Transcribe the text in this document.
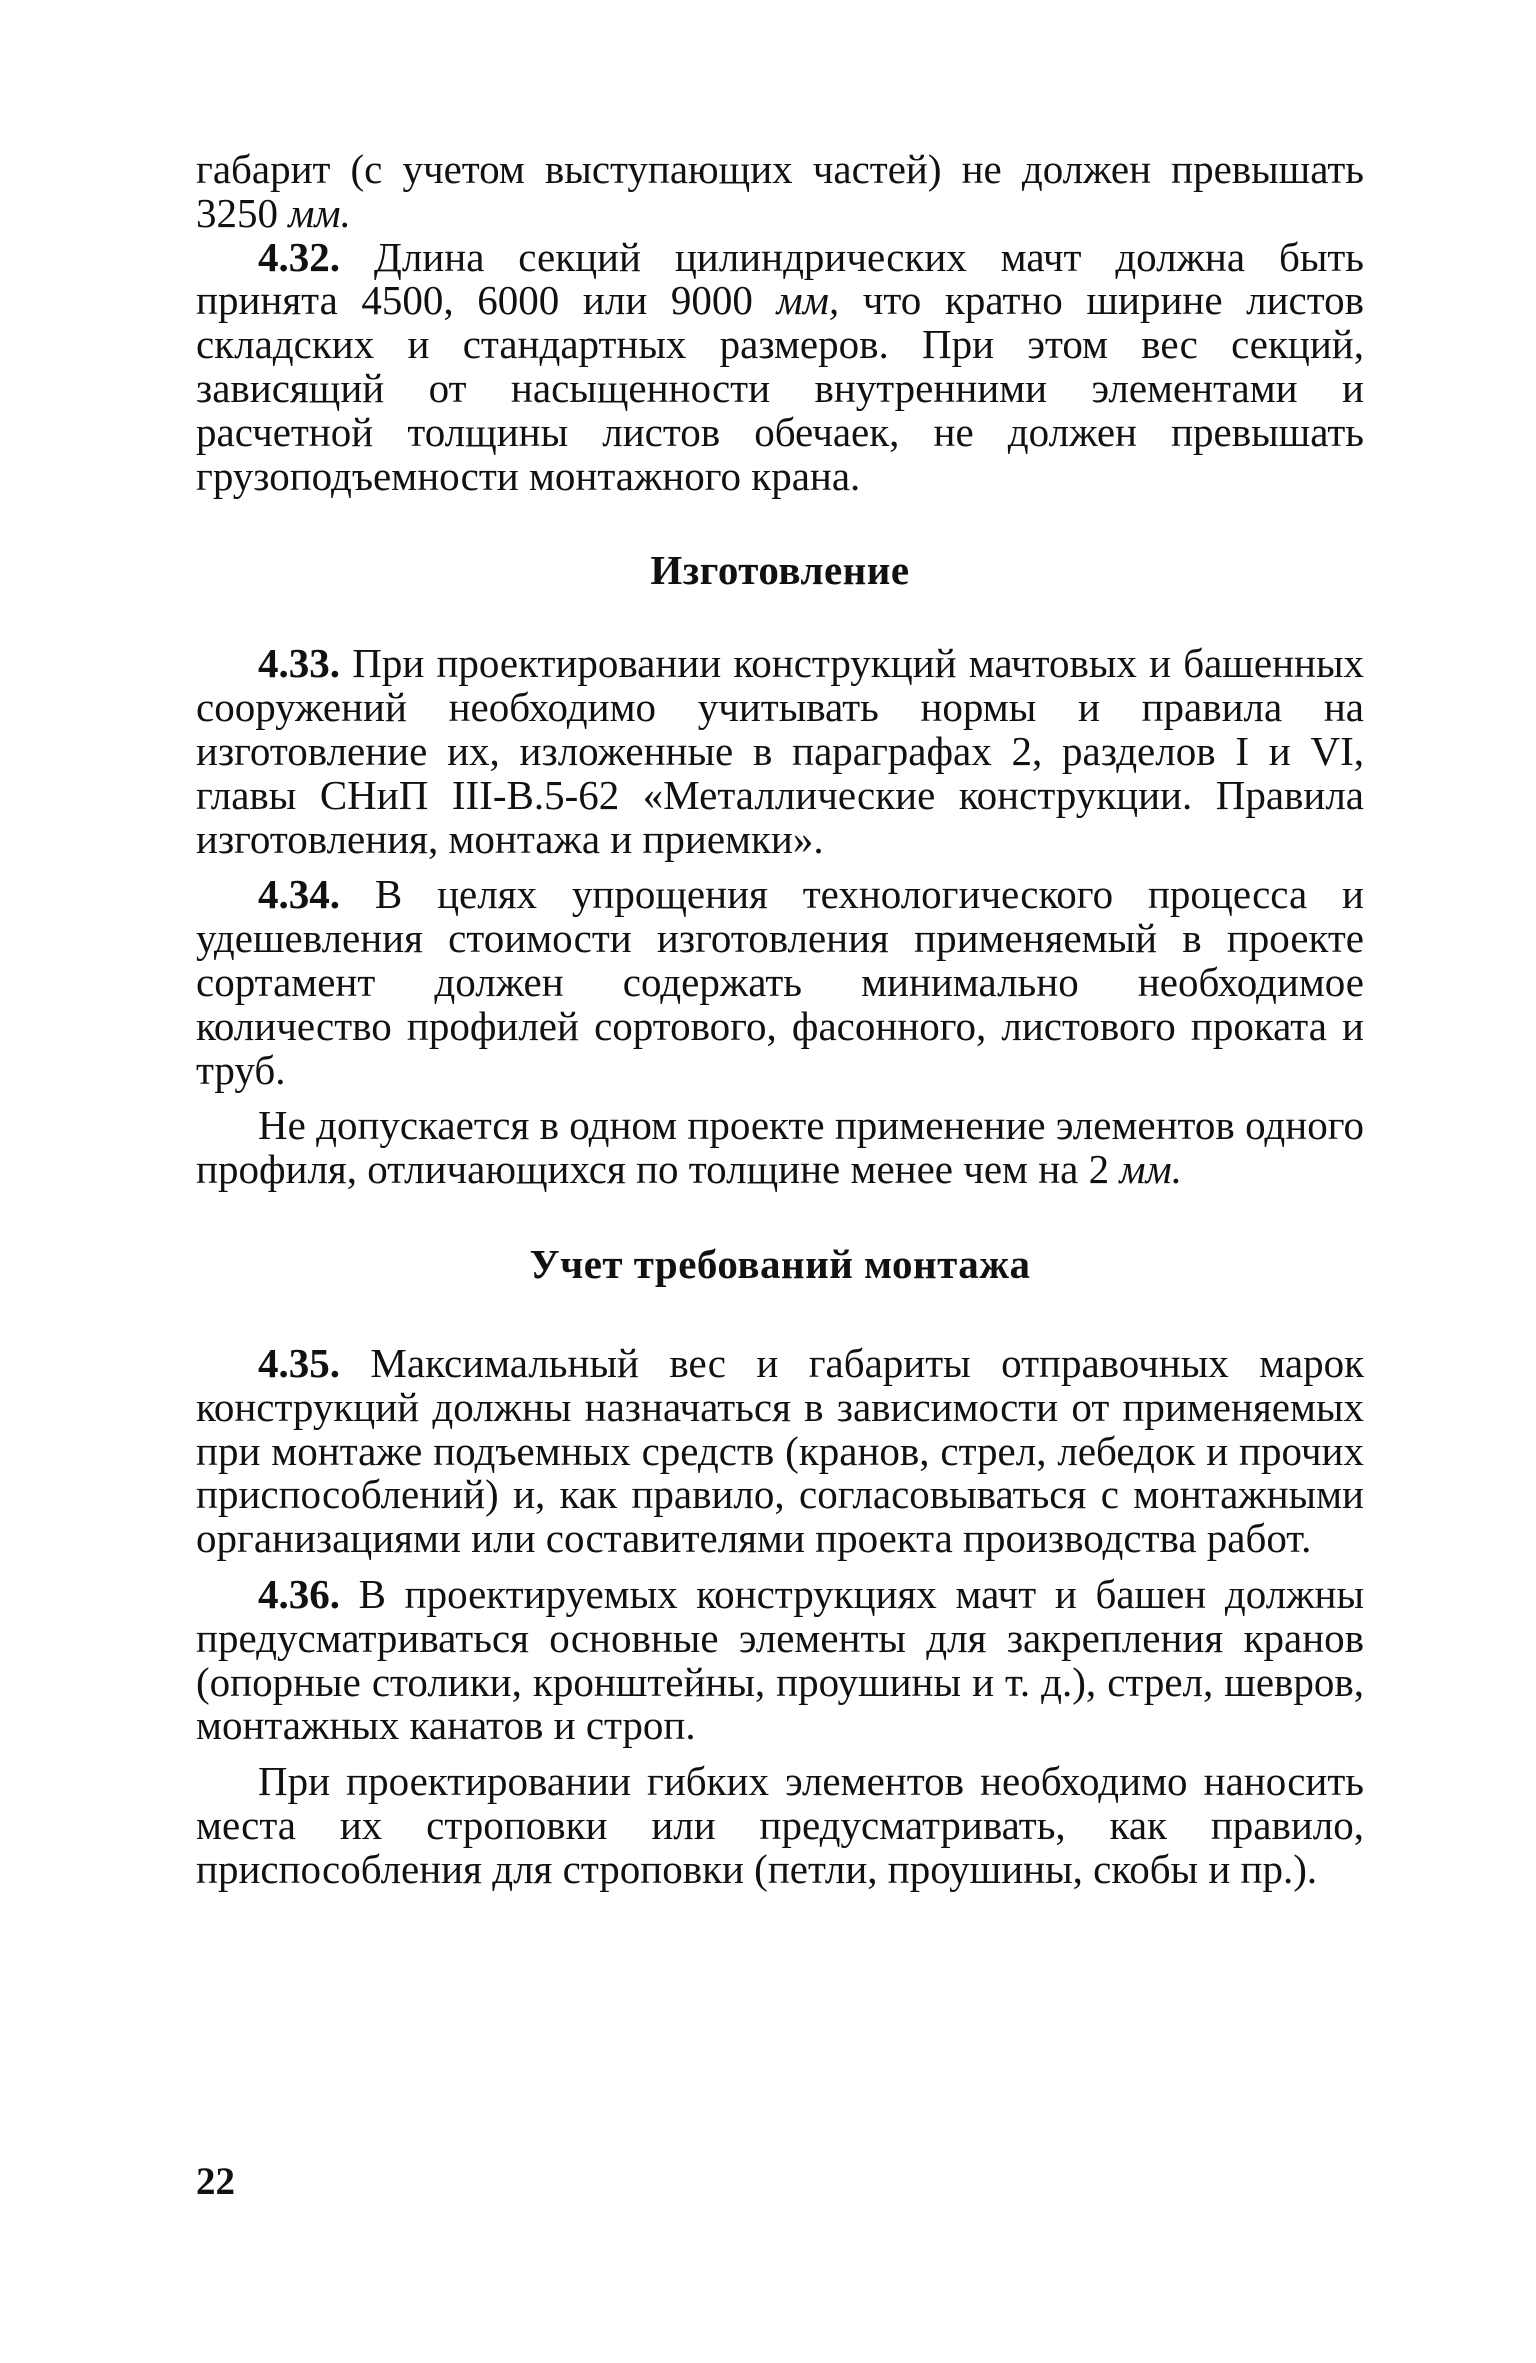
габарит (с учетом выступающих частей) не должен превышать 3250 мм.

4.32. Длина секций цилиндрических мачт должна быть принята 4500, 6000 или 9000 мм, что кратно ширине листов складских и стандартных размеров. При этом вес секций, зависящий от насыщенности внутренними элементами и расчетной толщины листов обечаек, не должен превышать грузоподъемности монтажного крана.

Изготовление

4.33. При проектировании конструкций мачтовых и башенных сооружений необходимо учитывать нормы и правила на изготовление их, изложенные в параграфах 2, разделов I и VI, главы СНиП III-В.5-62 «Металлические конструкции. Правила изготовления, монтажа и приемки».

4.34. В целях упрощения технологического процесса и удешевления стоимости изготовления применяемый в проекте сортамент должен содержать минимально необходимое количество профилей сортового, фасонного, листового проката и труб.

Не допускается в одном проекте применение элементов одного профиля, отличающихся по толщине менее чем на 2 мм.

Учет требований монтажа

4.35. Максимальный вес и габариты отправочных марок конструкций должны назначаться в зависимости от применяемых при монтаже подъемных средств (кранов, стрел, лебедок и прочих приспособлений) и, как правило, согласовываться с монтажными организациями или составителями проекта производства работ.

4.36. В проектируемых конструкциях мачт и башен должны предусматриваться основные элементы для закрепления кранов (опорные столики, кронштейны, проушины и т. д.), стрел, шевров, монтажных канатов и строп.

При проектировании гибких элементов необходимо наносить места их строповки или предусматривать, как правило, приспособления для строповки (петли, проушины, скобы и пр.).

22
